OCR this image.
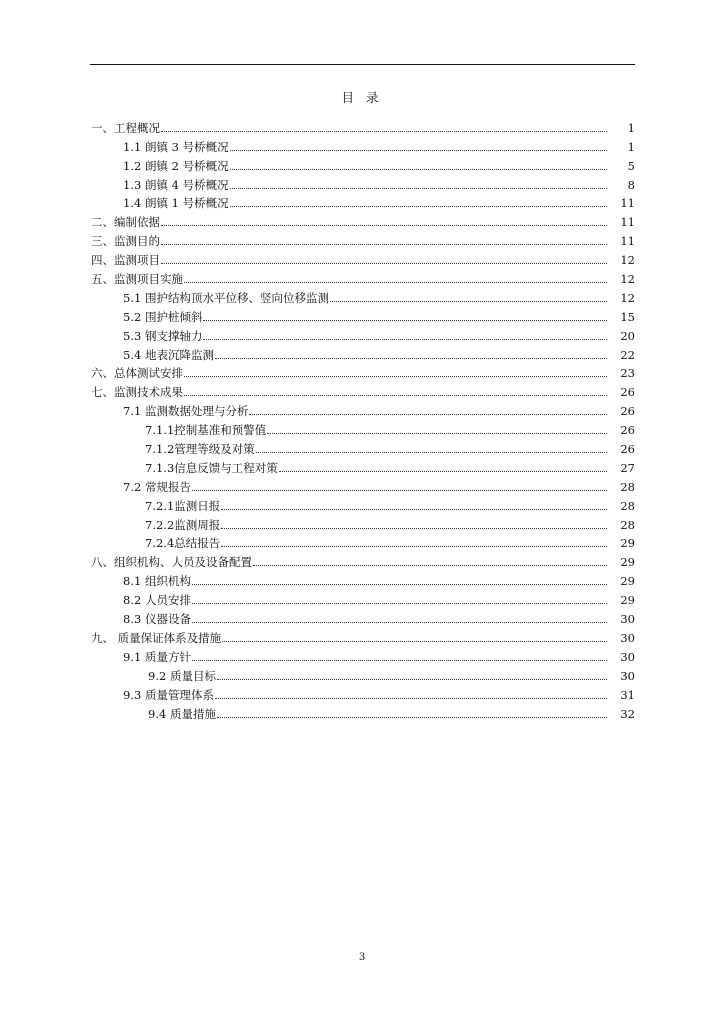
目 录
一、工程概况	1
1.1 朗镇 3 号桥概况	1
1.2 朗镇 2 号桥概况	5
1.3 朗镇 4 号桥概况	8
1.4 朗镇 1 号桥概况	11
二、编制依据	11
三、监测目的	11
四、监测项目	12
五、监测项目实施	12
5.1 围护结构顶水平位移、竖向位移监测	12
5.2 围护桩倾斜	15
5.3 钢支撑轴力	20
5.4 地表沉降监测	22
六、总体测试安排	23
七、监测技术成果	26
7.1 监测数据处理与分析	26
7.1.1控制基准和预警值	26
7.1.2管理等级及对策	26
7.1.3信息反馈与工程对策	27
7.2 常规报告	28
7.2.1监测日报	28
7.2.2监测周报	28
7.2.4总结报告	29
八、组织机构、人员及设备配置	29
8.1 组织机构	29
8.2 人员安排	29
8.3 仪器设备	30
九、 质量保证体系及措施	30
9.1 质量方针	30
9.2 质量目标	30
9.3 质量管理体系	31
9.4 质量措施	32
3
